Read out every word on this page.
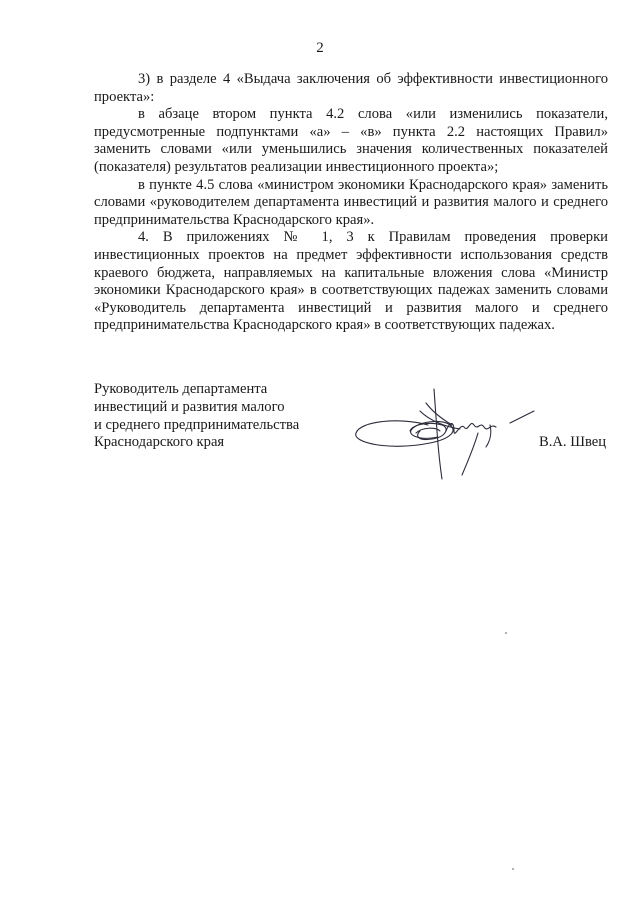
2

3) в разделе 4 «Выдача заключения об эффективности инвестиционного проекта»:

в абзаце втором пункта 4.2 слова «или изменились показатели, предусмотренные подпунктами «а» – «в» пункта 2.2 настоящих Правил» заменить словами «или уменьшились значения количественных показателей (показателя) результатов реализации инвестиционного проекта»;

в пункте 4.5 слова «министром экономики Краснодарского края» заменить словами «руководителем департамента инвестиций и развития малого и среднего предпринимательства Краснодарского края».

4. В приложениях № 1, 3 к Правилам проведения проверки инвестиционных проектов на предмет эффективности использования средств краевого бюджета, направляемых на капитальные вложения слова «Министр экономики Краснодарского края» в соответствующих падежах заменить словами «Руководитель департамента инвестиций и развития малого и среднего предпринимательства Краснодарского края» в соответствующих падежах.

Руководитель департамента
инвестиций и развития малого
и среднего предпринимательства
Краснодарского края	В.А. Швец
